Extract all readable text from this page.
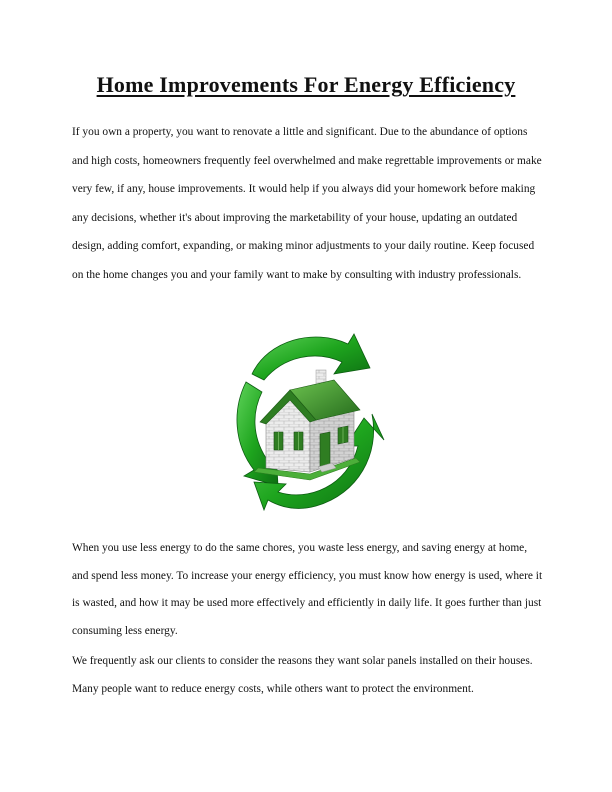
Home Improvements For Energy Efficiency

If you own a property, you want to renovate a little and significant. Due to the abundance of options and high costs, homeowners frequently feel overwhelmed and make regrettable improvements or make very few, if any, house improvements. It would help if you always did your homework before making any decisions, whether it's about improving the marketability of your house, updating an outdated design, adding comfort, expanding, or making minor adjustments to your daily routine. Keep focused on the home changes you and your family want to make by consulting with industry professionals.

When you use less energy to do the same chores, you waste less energy, and saving energy at home, and spend less money. To increase your energy efficiency, you must know how energy is used, where it is wasted, and how it may be used more effectively and efficiently in daily life. It goes further than just consuming less energy.

We frequently ask our clients to consider the reasons they want solar panels installed on their houses. Many people want to reduce energy costs, while others want to protect the environment.
